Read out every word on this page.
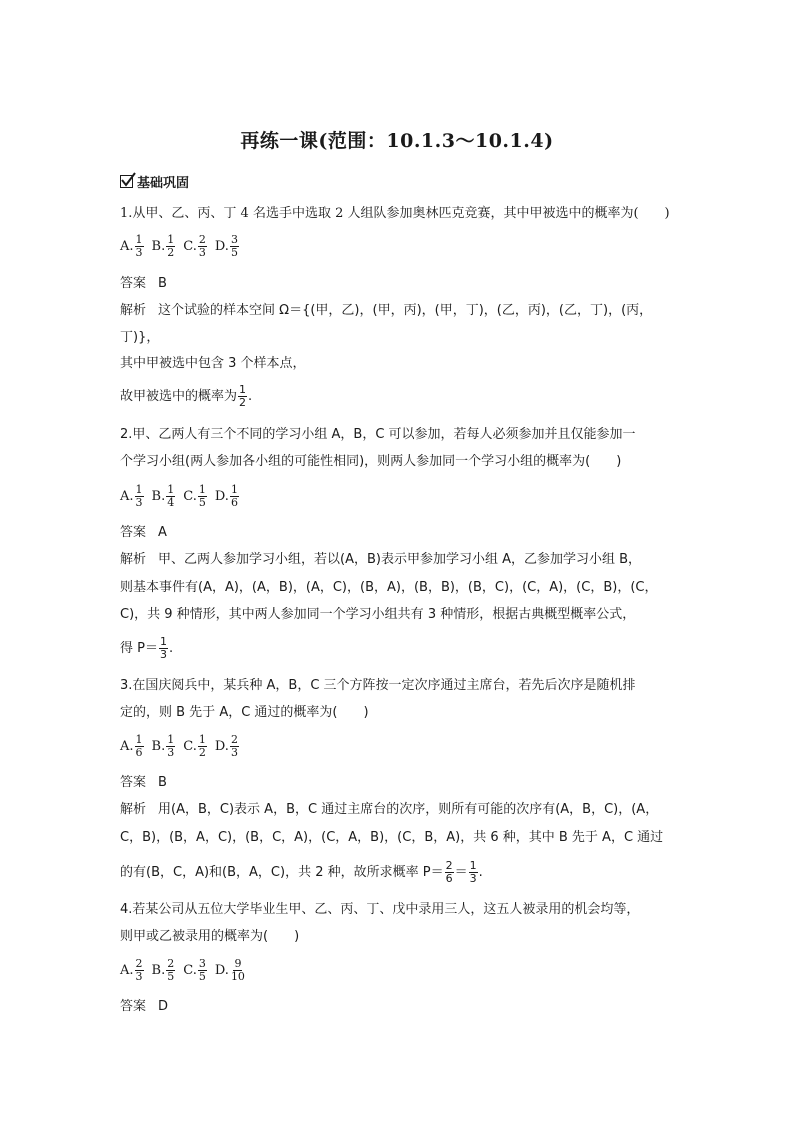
再练一课(范围：10.1.3～10.1.4)
基础巩固
1.从甲、乙、丙、丁 4 名选手中选取 2 人组队参加奥林匹克竞赛，其中甲被选中的概率为(　　)
A. $\frac{1}{3} B$. $\frac{1}{2} C$. $\frac{2}{3} D$. $\frac{3}{5}$
答案 B
解析 这个试验的样本空间 Ω＝{(甲，乙)，(甲，丙)，(甲，丁)，(乙，丙)，(乙，丁)，(丙，
丁)}，
其中甲被选中包含 3 个样本点，
故甲被选中的概率为 $\frac{1}{2}$ .
2.甲、乙两人有三个不同的学习小组 A，B，C 可以参加，若每人必须参加并且仅能参加一
个学习小组(两人参加各小组的可能性相同)，则两人参加同一个学习小组的概率为(　　)
A. $\frac{1}{3} B$. $\frac{1}{4} C$. $\frac{1}{5} D$. $\frac{1}{6}$
答案 A
解析 甲、乙两人参加学习小组，若以(A，B)表示甲参加学习小组 A，乙参加学习小组 B，
则基本事件有(A，A)，(A，B)，(A，C)，(B，A)，(B，B)，(B，C)，(C，A)，(C，B)，(C，
C)，共 9 种情形，其中两人参加同一个学习小组共有 3 种情形，根据古典概型概率公式，
得 $P= \frac{1}{3}$ .
3.在国庆阅兵中，某兵种 A，B，C 三个方阵按一定次序通过主席台，若先后次序是随机排
定的，则 B 先于 A，C 通过的概率为(　　)
A. $\frac{1}{6} B$. $\frac{1}{3} C$. $\frac{1}{2} D$. $\frac{2}{3}$
答案 B
解析 用(A，B，C)表示 A，B，C 通过主席台的次序，则所有可能的次序有(A，B，C)，(A，
C，B)，(B，A，C)，(B，C，A)，(C，A，B)，(C，B，A)，共 6 种，其中 B 先于 A，C 通过
的有(B，C，A)和(B，A，C)，共 2 种，故所求概率 $P= \frac{2}{6} = \frac{1}{3}$ .
4.若某公司从五位大学毕业生甲、乙、丙、丁、戊中录用三人，这五人被录用的机会均等，
则甲或乙被录用的概率为(　　)
A. $\frac{2}{3} B$. $\frac{2}{5} C$. $\frac{3}{5} D$. $\frac{9}{10}$
答案 D
